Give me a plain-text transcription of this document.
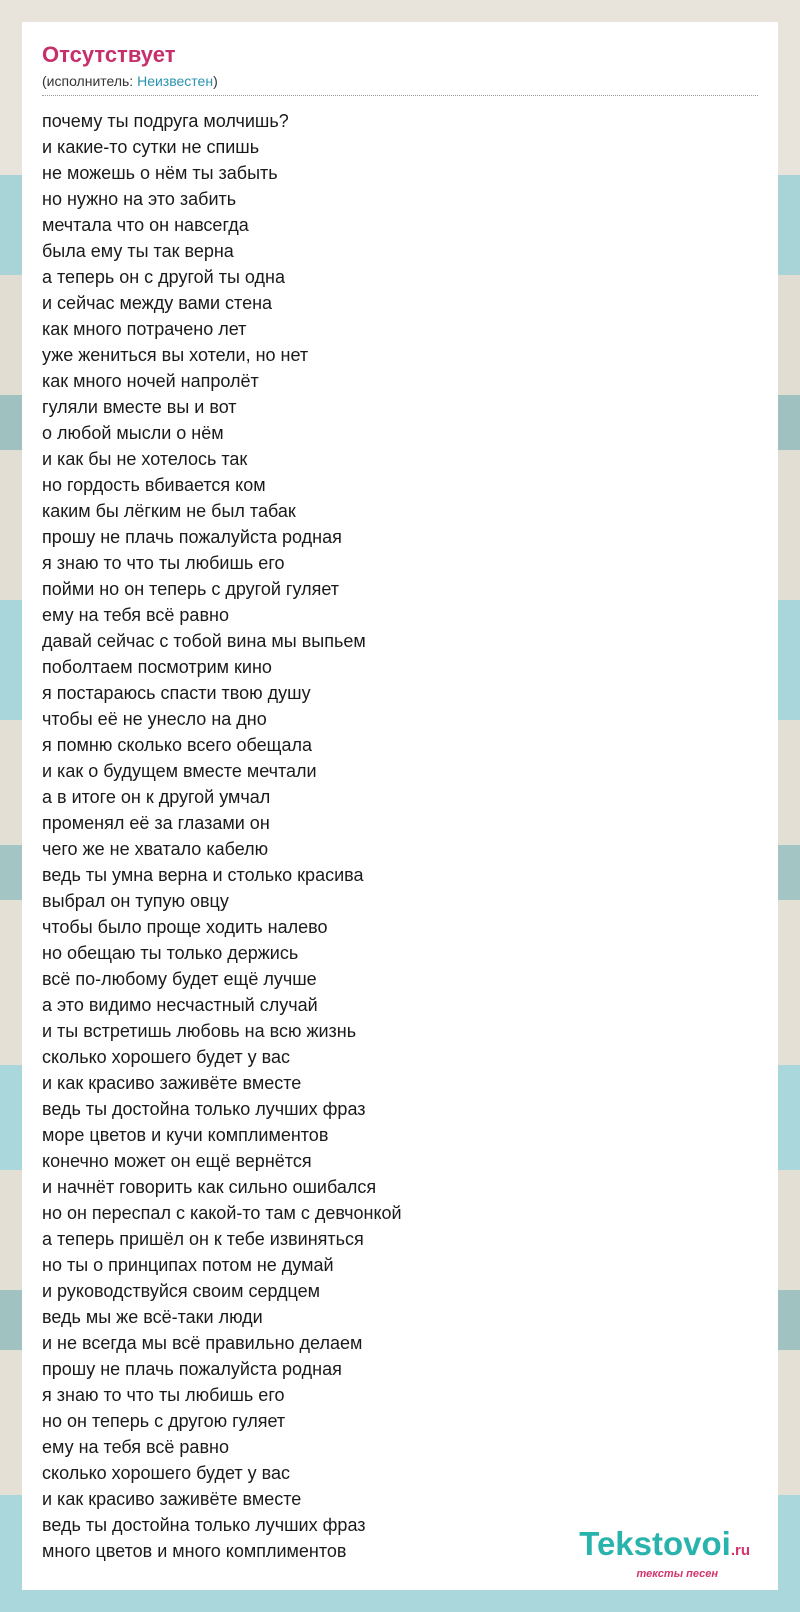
Отсутствует
(исполнитель: Неизвестен)
почему ты подруга молчишь?
и какие-то сутки не спишь
не можешь о нём ты забыть
но нужно на это забить
мечтала что он навсегда
была ему ты так верна
а теперь он с другой ты одна
и сейчас между вами стена
как много потрачено лет
уже жениться вы хотели, но нет
как много ночей напролёт
гуляли вместе вы и вот
о любой мысли о нём
и как бы не хотелось так
но гордость вбивается ком
каким бы лёгким не был табак
прошу не плачь пожалуйста родная
я знаю то что ты любишь его
пойми но он теперь с другой гуляет
ему на тебя всё равно
давай сейчас с тобой вина мы выпьем
поболтаем посмотрим кино
я постараюсь спасти твою душу
чтобы её не унесло на дно
я помню сколько всего обещала
и как о будущем вместе мечтали
а в итоге он к другой умчал
променял её за глазами он
чего же не хватало кабелю
ведь ты умна верна и столько красива
выбрал он тупую овцу
чтобы было проще ходить налево
но обещаю ты только держись
всё по-любому будет ещё лучше
а это видимо несчастный случай
и ты встретишь любовь на всю жизнь
сколько хорошего будет у вас
и как красиво заживёте вместе
ведь ты достойна только лучших фраз
море цветов и кучи комплиментов
конечно может он ещё вернётся
и начнёт говорить как сильно ошибался
но он переспал с какой-то там с девчонкой
а теперь пришёл он к тебе извиняться
но ты о принципах потом не думай
и руководствуйся своим сердцем
ведь мы же всё-таки люди
и не всегда мы всё правильно делаем
прошу не плачь пожалуйста родная
я знаю то что ты любишь его
но он теперь с другою гуляет
ему на тебя всё равно
сколько хорошего будет у вас
и как красиво заживёте вместе
ведь ты достойна только лучших фраз
много цветов и много комплиментов	Tekstovoi.ru
тексты песен
